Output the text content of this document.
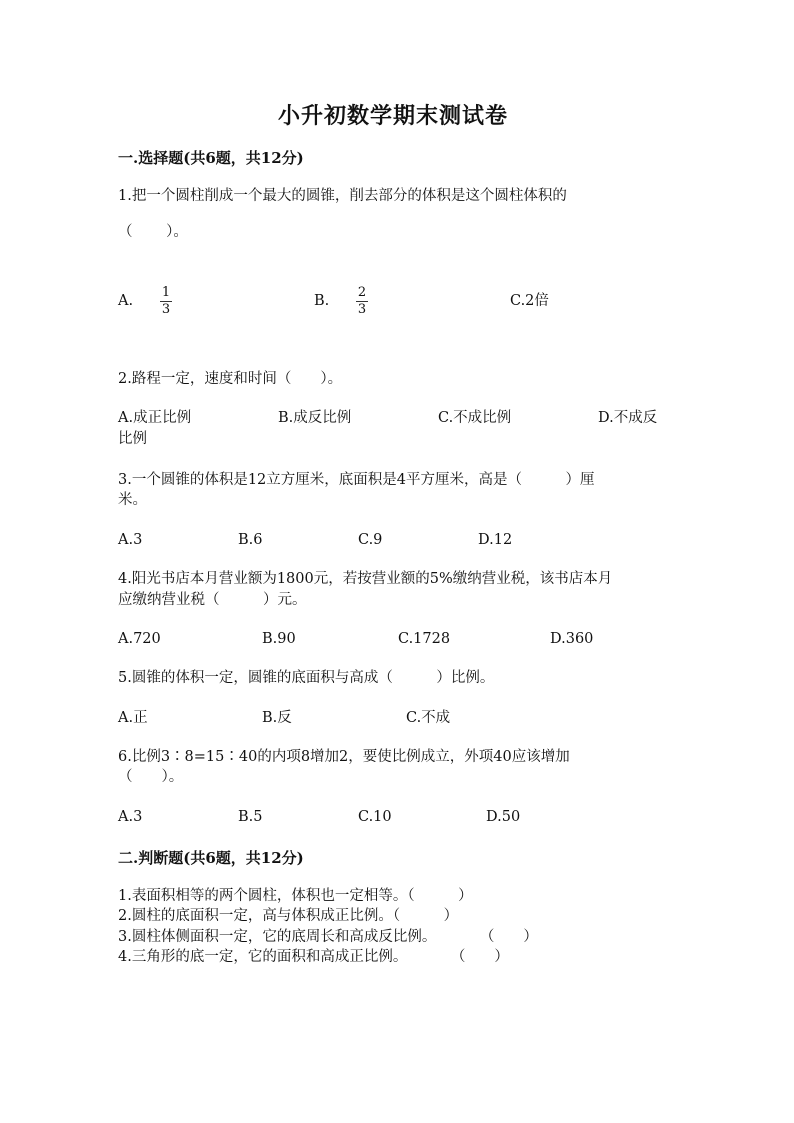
小升初数学期末测试卷
一.选择题(共6题，共12分)
1.把一个圆柱削成一个最大的圆锥，削去部分的体积是这个圆柱体积的
（　　 ）。
A.
1
3
B.
2
3
C.2倍
2.路程一定，速度和时间（　　）。
A.成正比例	B.成反比例	C.不成比例	D.不成反
比例
3.一个圆锥的体积是12立方厘米，底面积是4平方厘米，高是（　　　）厘
米。
A.3	B.6	C.9	D.12
4.阳光书店本月营业额为1800元，若按营业额的5%缴纳营业税，该书店本月
应缴纳营业税（　　　）元。
A.720	B.90	C.1728	D.360
5.圆锥的体积一定，圆锥的底面积与高成（　　　）比例。
A.正	B.反	C.不成
6.比例3∶8=15∶40的内项8增加2，要使比例成立，外项40应该增加
（　　）。
A.3	B.5	C.10	D.50
二.判断题(共6题，共12分)
1.表面积相等的两个圆柱，体积也一定相等。（　　　）
2.圆柱的底面积一定，高与体积成正比例。（　　　）
3.圆柱体侧面积一定，它的底周长和高成反比例。　　　　（　　）
4.三角形的底一定，它的面积和高成正比例。　　　　（　　）
